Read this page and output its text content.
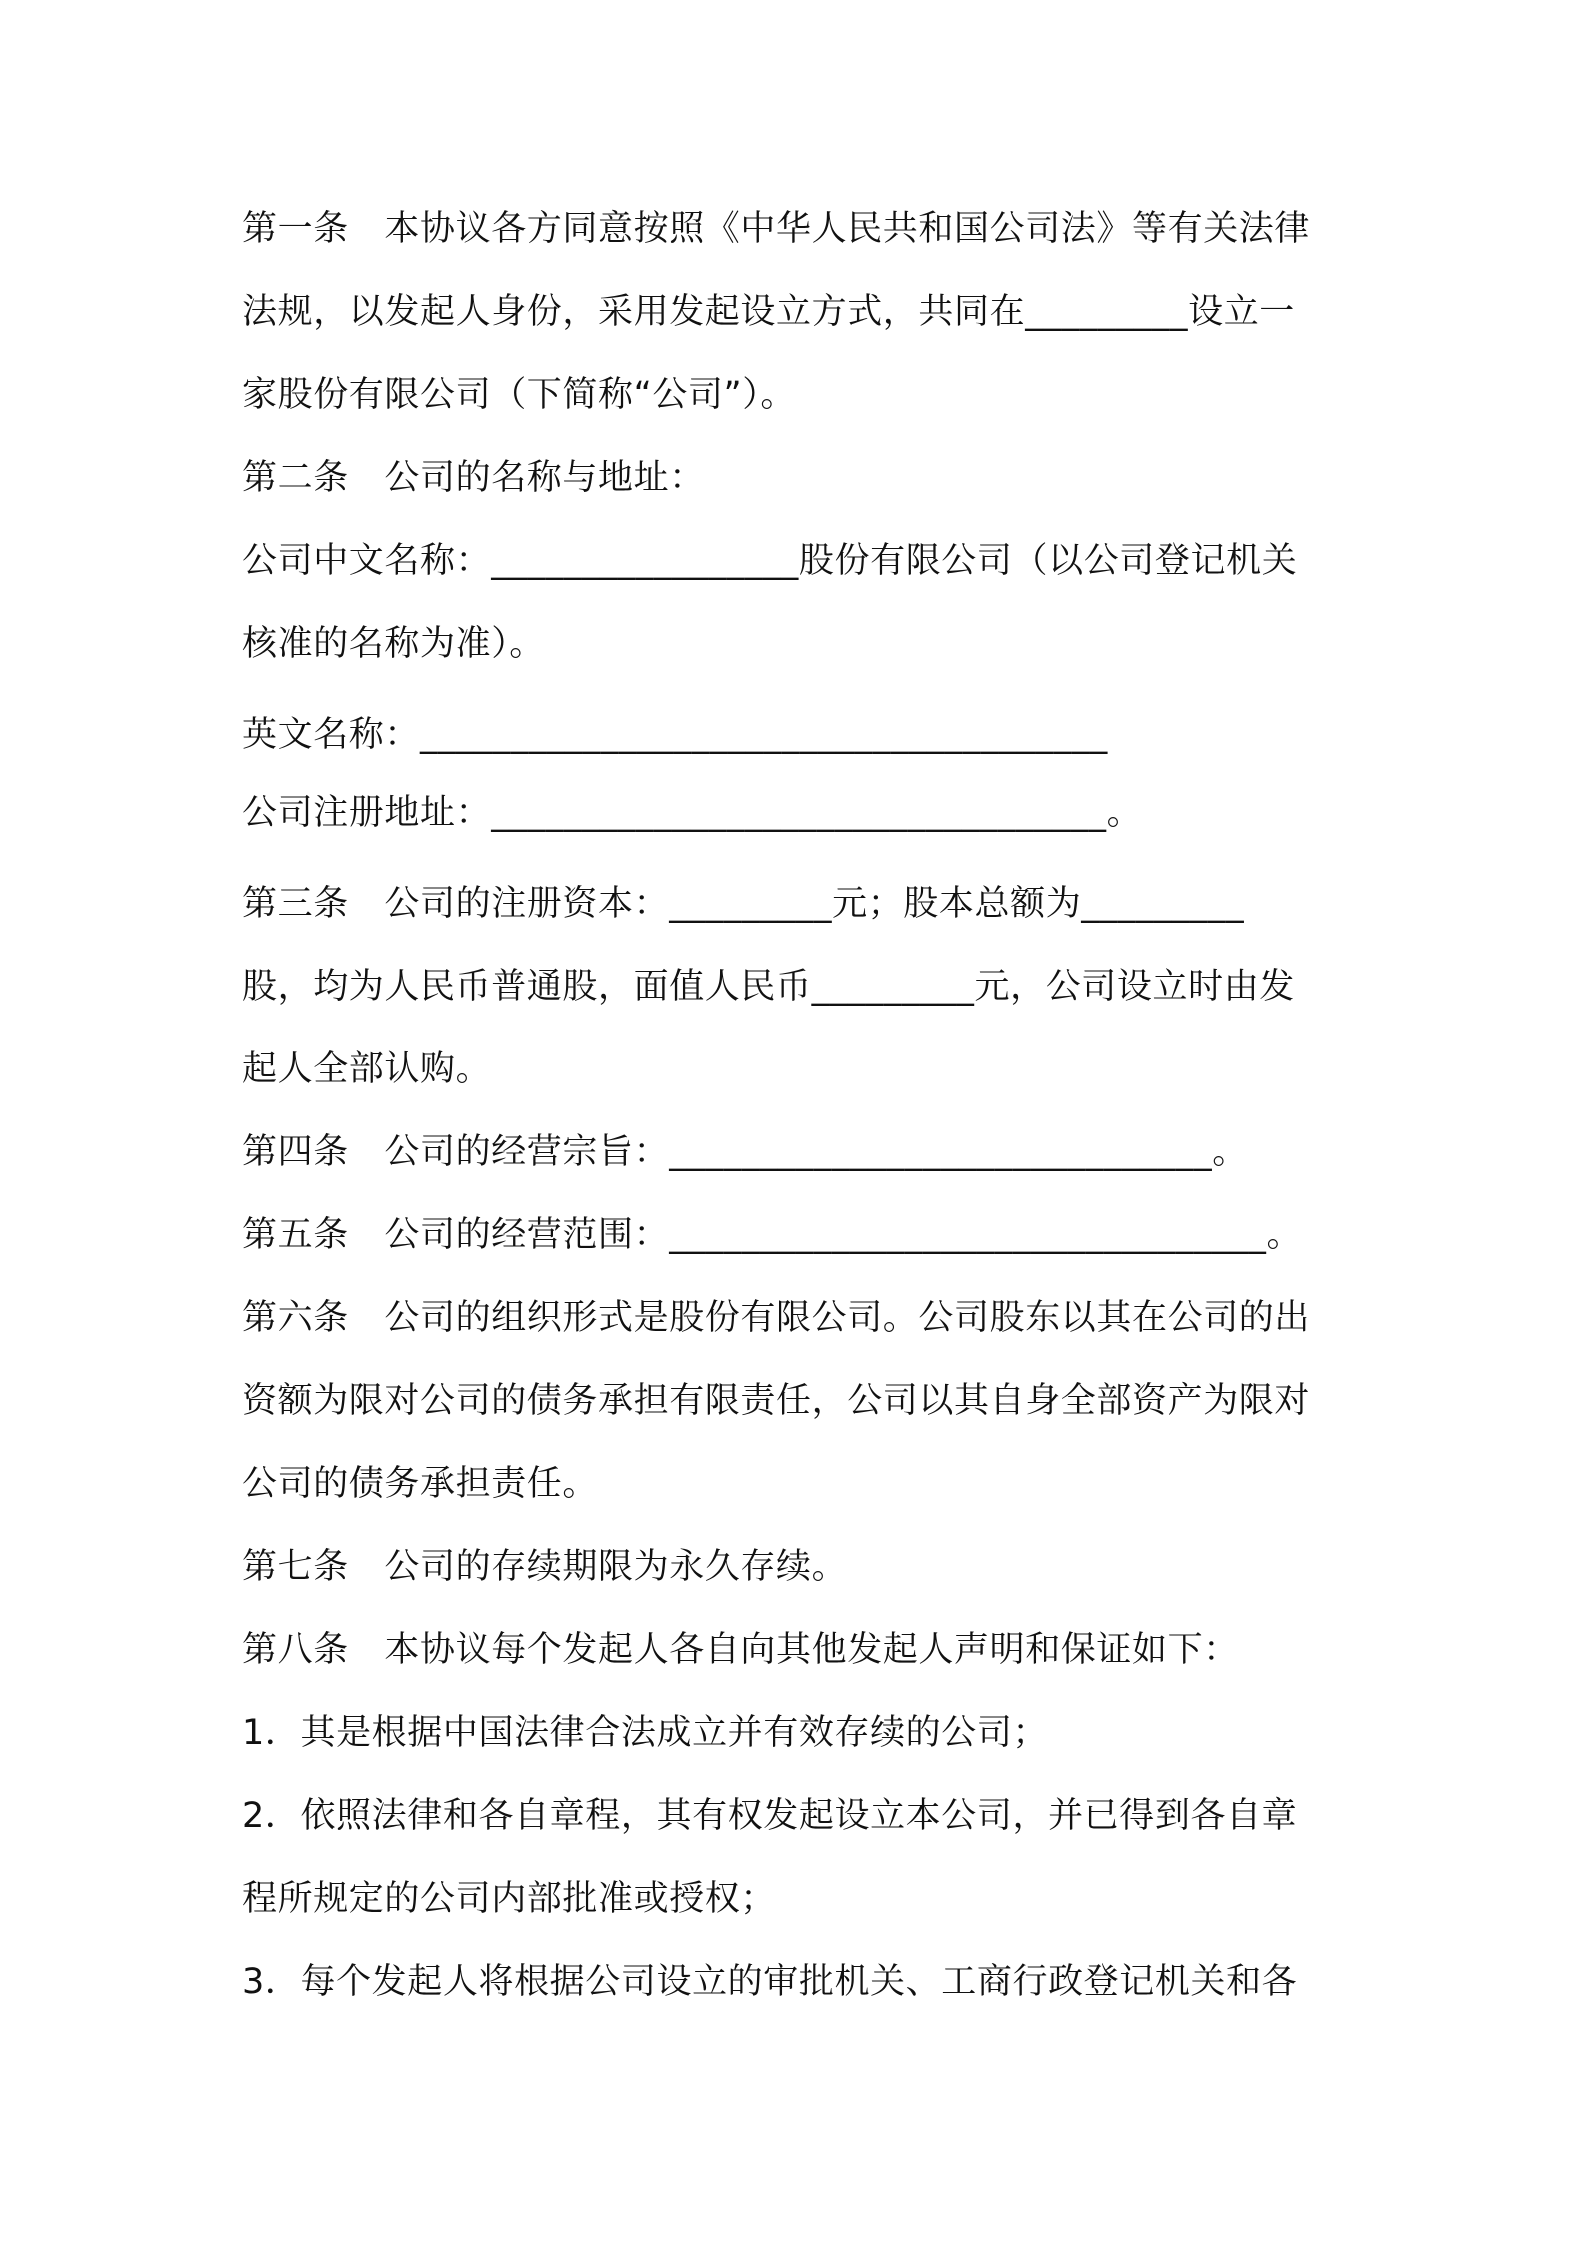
第一条　本协议各方同意按照《中华人民共和国公司法》等有关法律
法规，以发起人身份，采用发起设立方式，共同在_________设立一
家股份有限公司（下简称“公司”）。
第二条　公司的名称与地址：
公司中文名称：_________________股份有限公司（以公司登记机关
核准的名称为准）。
英文名称：______________________________________
公司注册地址：__________________________________。
第三条　公司的注册资本：_________元；股本总额为_________
股，均为人民币普通股，面值人民币_________元，公司设立时由发
起人全部认购。
第四条　公司的经营宗旨：______________________________。
第五条　公司的经营范围：_________________________________。
第六条　公司的组织形式是股份有限公司。公司股东以其在公司的出
资额为限对公司的债务承担有限责任，公司以其自身全部资产为限对
公司的债务承担责任。
第七条　公司的存续期限为永久存续。
第八条　本协议每个发起人各自向其他发起人声明和保证如下：
1．其是根据中国法律合法成立并有效存续的公司；
2．依照法律和各自章程，其有权发起设立本公司，并已得到各自章
程所规定的公司内部批准或授权；
3．每个发起人将根据公司设立的审批机关、工商行政登记机关和各
